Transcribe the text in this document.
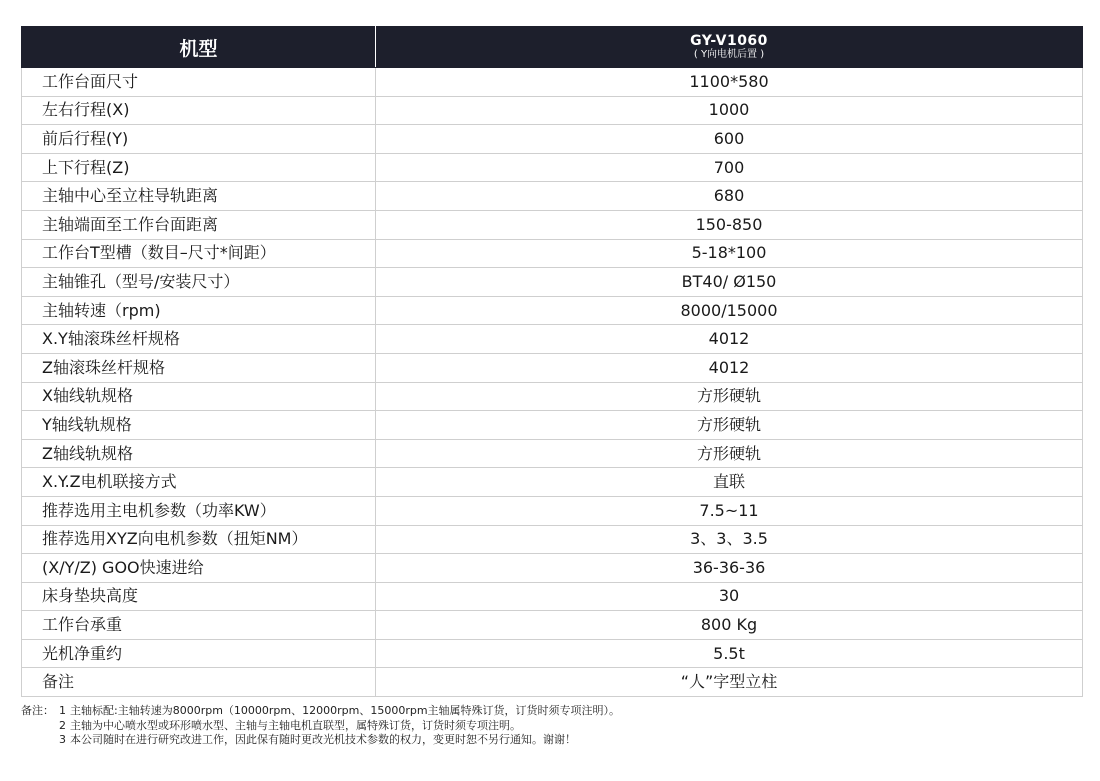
机型	GY-V1060
( Y向电机后置 )

工作台面尺寸	1100*580
左右行程(X)	1000
前后行程(Y)	600
上下行程(Z)	700
主轴中心至立柱导轨距离	680
主轴端面至工作台面距离	150-850
工作台T型槽（数目–尺寸*间距）	5-18*100
主轴锥孔（型号/安装尺寸）	BT40/ Ø150
主轴转速（rpm)	8000/15000
X.Y轴滚珠丝杆规格	4012
Z轴滚珠丝杆规格	4012
X轴线轨规格	方形硬轨
Y轴线轨规格	方形硬轨
Z轴线轨规格	方形硬轨
X.Y.Z电机联接方式	直联
推荐选用主电机参数（功率KW）	7.5~11
推荐选用XYZ向电机参数（扭矩NM）	3、3、3.5
(X/Y/Z) GOO快速进给	36-36-36
床身垫块高度	30
工作台承重	800 Kg
光机净重约	5.5t
备注	“人”字型立柱
备注： 1 主轴标配:主轴转速为8000rpm（10000rpm、12000rpm、15000rpm主轴属特殊订货，订货时须专项注明）。
2 主轴为中心喷水型或环形喷水型、主轴与主轴电机直联型，属特殊订货，订货时须专项注明。
3 本公司随时在进行研究改进工作，因此保有随时更改光机技术参数的权力，变更时恕不另行通知。谢谢！
